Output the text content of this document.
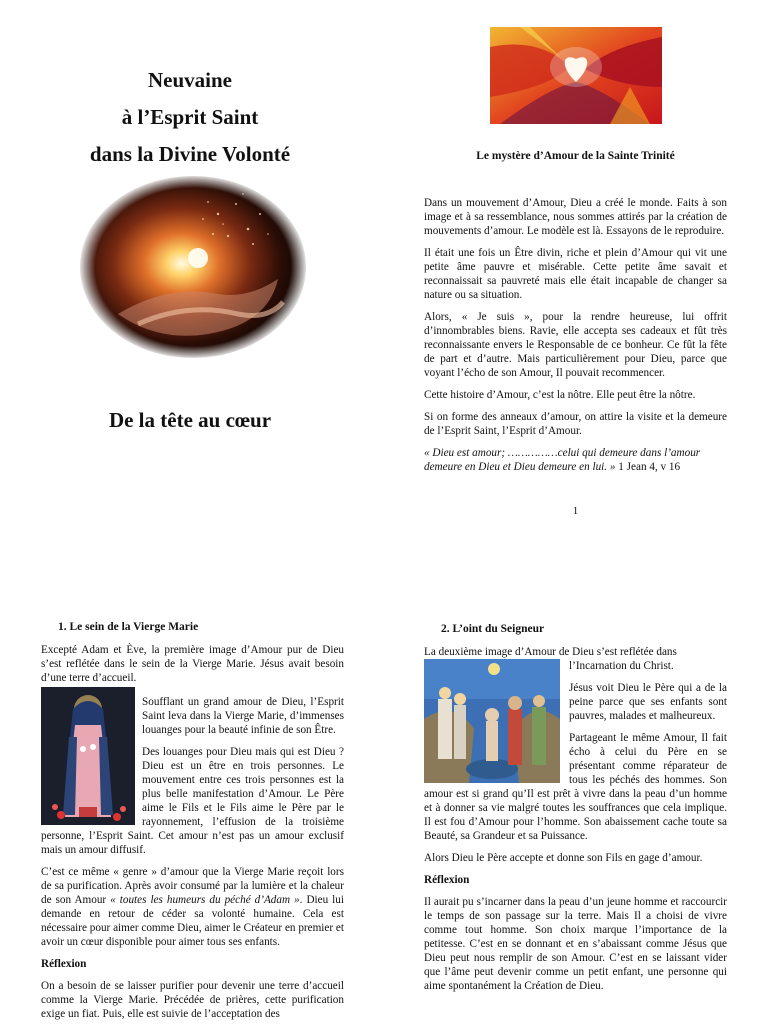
Neuvaine
à l’Esprit Saint
dans la Divine Volonté
De la tête au cœur
Le mystère d’Amour de la Sainte Trinité

Dans un mouvement d’Amour, Dieu a créé le monde. Faits à son image et à sa ressemblance, nous sommes attirés par la création de mouvements d’amour. Le modèle est là. Essayons de le reproduire.

Il était une fois un Être divin, riche et plein d’Amour qui vit une petite âme pauvre et misérable. Cette petite âme savait et reconnaissait sa pauvreté mais elle était incapable de changer sa nature ou sa situation.

Alors, « Je suis », pour la rendre heureuse, lui offrit d’innombrables biens. Ravie, elle accepta ses cadeaux et fût très reconnaissante envers le Responsable de ce bonheur. Ce fût la fête de part et d’autre. Mais particulièrement pour Dieu, parce que voyant l’écho de son Amour, Il pouvait recommencer.

Cette histoire d’Amour, c’est la nôtre. Elle peut être la nôtre.

Si on forme des anneaux d’amour, on attire la visite et la demeure de l’Esprit Saint, l’Esprit d’Amour.

« Dieu est amour; ……………celui qui demeure dans l’amour demeure en Dieu et Dieu demeure en lui. » 1 Jean 4, v 16

1
1. Le sein de la Vierge Marie

Excepté Adam et Ève, la première image d’Amour pur de Dieu s’est reflétée dans le sein de la Vierge Marie. Jésus avait besoin d’une terre d’accueil.

Soufflant un grand amour de Dieu, l’Esprit Saint leva dans la Vierge Marie, d’immenses louanges pour la beauté infinie de son Être.

Des louanges pour Dieu mais qui est Dieu ? Dieu est un être en trois personnes. Le mouvement entre ces trois personnes est la plus belle manifestation d’Amour. Le Père aime le Fils et le Fils aime le Père par le rayonnement, l’effusion de la troisième personne, l’Esprit Saint. Cet amour n’est pas un amour exclusif mais un amour diffusif.

C’est ce même « genre » d’amour que la Vierge Marie reçoit lors de sa purification. Après avoir consumé par la lumière et la chaleur de son Amour « toutes les humeurs du péché d’Adam ». Dieu lui demande en retour de céder sa volonté humaine. Cela est nécessaire pour aimer comme Dieu, aimer le Créateur en premier et avoir un cœur disponible pour aimer tous ses enfants.

Réflexion

On a besoin de se laisser purifier pour devenir une terre d’accueil comme la Vierge Marie. Précédée de prières, cette purification exige un fiat. Puis, elle est suivie de l’acceptation des

2. L’oint du Seigneur

La deuxième image d’Amour de Dieu s’est reflétée dans

l’Incarnation du Christ.

Jésus voit Dieu le Père qui a de la peine parce que ses enfants sont pauvres, malades et malheureux.

Partageant le même Amour, Il fait écho à celui du Père en se présentant comme réparateur de tous les péchés des hommes. Son amour est si grand qu’Il est prêt à vivre dans la peau d’un homme et à donner sa vie malgré toutes les souffrances que cela implique. Il est fou d’Amour pour l’homme. Son abaissement cache toute sa Beauté, sa Grandeur et sa Puissance.

Alors Dieu le Père accepte et donne son Fils en gage d’amour.

Réflexion

Il aurait pu s’incarner dans la peau d’un jeune homme et raccourcir le temps de son passage sur la terre. Mais Il a choisi de vivre comme tout homme. Son choix marque l’importance de la petitesse. C’est en se donnant et en s’abaissant comme Jésus que Dieu peut nous remplir de son Amour. C’est en se laissant vider que l’âme peut devenir comme un petit enfant, une personne qui aime spontanément la Création de Dieu.
